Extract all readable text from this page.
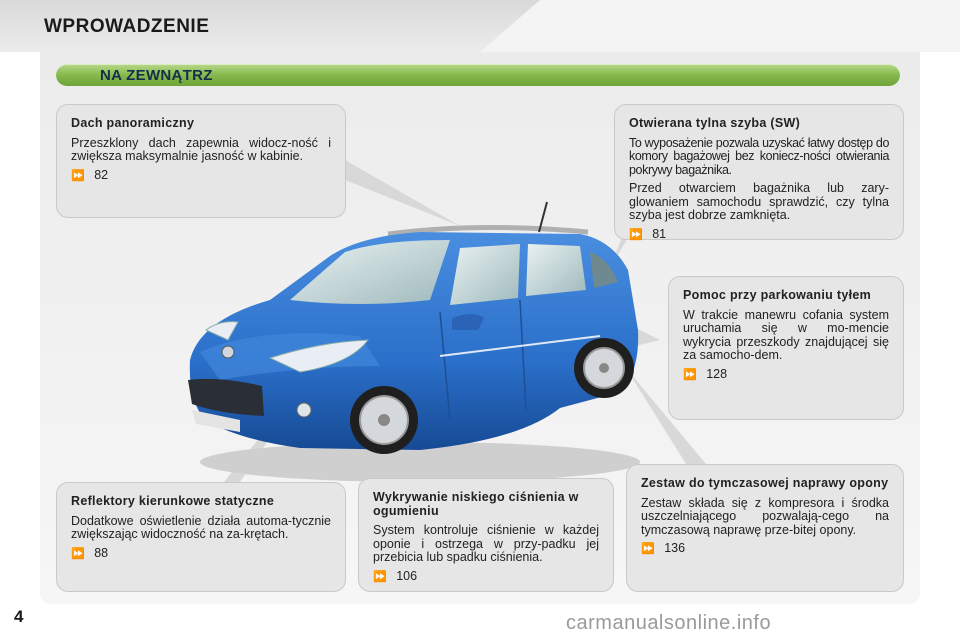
WPROWADZENIE
NA ZEWNĄTRZ
Dach panoramiczny
Przeszklony dach zapewnia widocz-ność i zwiększa maksymalnie jasność w kabinie.
⏩ 82
Otwierana tylna szyba (SW)
To wyposażenie pozwala uzyskać łatwy dostęp do komory bagażowej bez koniecz-ności otwierania pokrywy bagażnika.
Przed otwarciem bagażnika lub zary-glowaniem samochodu sprawdzić, czy tylna szyba jest dobrze zamknięta.
⏩ 81
Pomoc przy parkowaniu tyłem
W trakcie manewru cofania system uruchamia się w mo-mencie wykrycia przeszkody znajdującej się za samocho-dem.
⏩ 128
Reflektory kierunkowe statyczne
Dodatkowe oświetlenie działa automa-tycznie zwiększając widoczność na za-krętach.
⏩ 88
Wykrywanie niskiego ciśnienia w ogumieniu
System kontroluje ciśnienie w każdej oponie i ostrzega w przy-padku jej przebicia lub spadku ciśnienia.
⏩ 106
Zestaw do tymczasowej naprawy opony
Zestaw składa się z kompresora i środka uszczelniającego pozwalają-cego na tymczasową naprawę prze-bitej opony.
⏩ 136
4	carmanualsonline.info
